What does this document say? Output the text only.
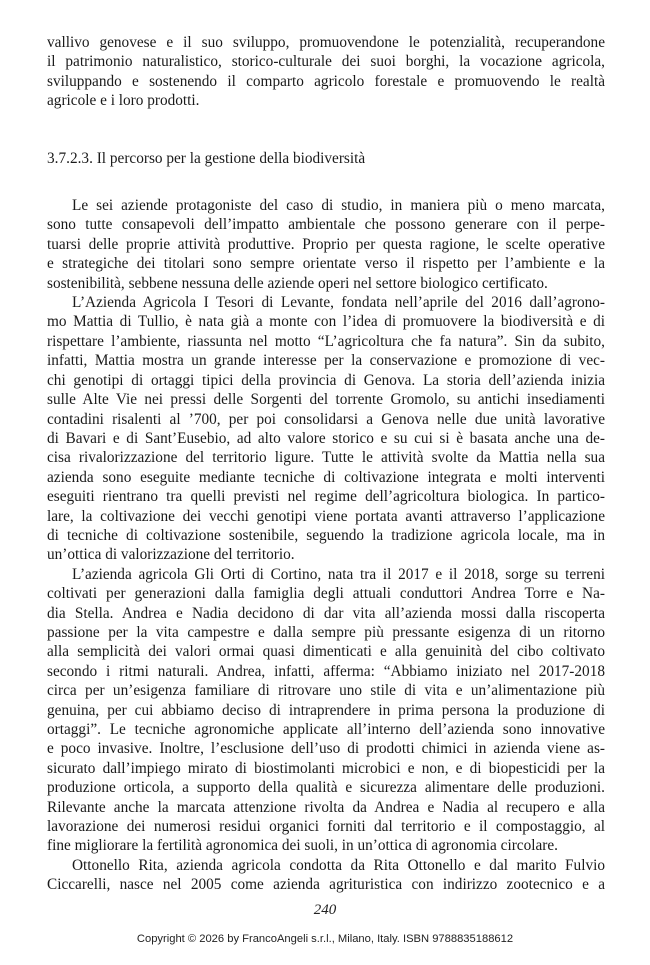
vallivo genovese e il suo sviluppo, promuovendone le potenzialità, recuperandone
il patrimonio naturalistico, storico-culturale dei suoi borghi, la vocazione agricola,
sviluppando e sostenendo il comparto agricolo forestale e promuovendo le realtà
agricole e i loro prodotti.
3.7.2.3. Il percorso per la gestione della biodiversità
Le sei aziende protagoniste del caso di studio, in maniera più o meno marcata,
sono tutte consapevoli dell’impatto ambientale che possono generare con il perpe-
tuarsi delle proprie attività produttive. Proprio per questa ragione, le scelte operative
e strategiche dei titolari sono sempre orientate verso il rispetto per l’ambiente e la
sostenibilità, sebbene nessuna delle aziende operi nel settore biologico certificato.
L’Azienda Agricola I Tesori di Levante, fondata nell’aprile del 2016 dall’agrono-
mo Mattia di Tullio, è nata già a monte con l’idea di promuovere la biodiversità e di
rispettare l’ambiente, riassunta nel motto “L’agricoltura che fa natura”. Sin da subito,
infatti, Mattia mostra un grande interesse per la conservazione e promozione di vec-
chi genotipi di ortaggi tipici della provincia di Genova. La storia dell’azienda inizia
sulle Alte Vie nei pressi delle Sorgenti del torrente Gromolo, su antichi insediamenti
contadini risalenti al ’700, per poi consolidarsi a Genova nelle due unità lavorative
di Bavari e di Sant’Eusebio, ad alto valore storico e su cui si è basata anche una de-
cisa rivalorizzazione del territorio ligure. Tutte le attività svolte da Mattia nella sua
azienda sono eseguite mediante tecniche di coltivazione integrata e molti interventi
eseguiti rientrano tra quelli previsti nel regime dell’agricoltura biologica. In partico-
lare, la coltivazione dei vecchi genotipi viene portata avanti attraverso l’applicazione
di tecniche di coltivazione sostenibile, seguendo la tradizione agricola locale, ma in
un’ottica di valorizzazione del territorio.
L’azienda agricola Gli Orti di Cortino, nata tra il 2017 e il 2018, sorge su terreni
coltivati per generazioni dalla famiglia degli attuali conduttori Andrea Torre e Na-
dia Stella. Andrea e Nadia decidono di dar vita all’azienda mossi dalla riscoperta
passione per la vita campestre e dalla sempre più pressante esigenza di un ritorno
alla semplicità dei valori ormai quasi dimenticati e alla genuinità del cibo coltivato
secondo i ritmi naturali. Andrea, infatti, afferma: “Abbiamo iniziato nel 2017-2018
circa per un’esigenza familiare di ritrovare uno stile di vita e un’alimentazione più
genuina, per cui abbiamo deciso di intraprendere in prima persona la produzione di
ortaggi”. Le tecniche agronomiche applicate all’interno dell’azienda sono innovative
e poco invasive. Inoltre, l’esclusione dell’uso di prodotti chimici in azienda viene as-
sicurato dall’impiego mirato di biostimolanti microbici e non, e di biopesticidi per la
produzione orticola, a supporto della qualità e sicurezza alimentare delle produzioni.
Rilevante anche la marcata attenzione rivolta da Andrea e Nadia al recupero e alla
lavorazione dei numerosi residui organici forniti dal territorio e il compostaggio, al
fine migliorare la fertilità agronomica dei suoli, in un’ottica di agronomia circolare.
Ottonello Rita, azienda agricola condotta da Rita Ottonello e dal marito Fulvio
Ciccarelli, nasce nel 2005 come azienda agrituristica con indirizzo zootecnico e a
240
Copyright © 2026 by FrancoAngeli s.r.l., Milano, Italy. ISBN 9788835188612
